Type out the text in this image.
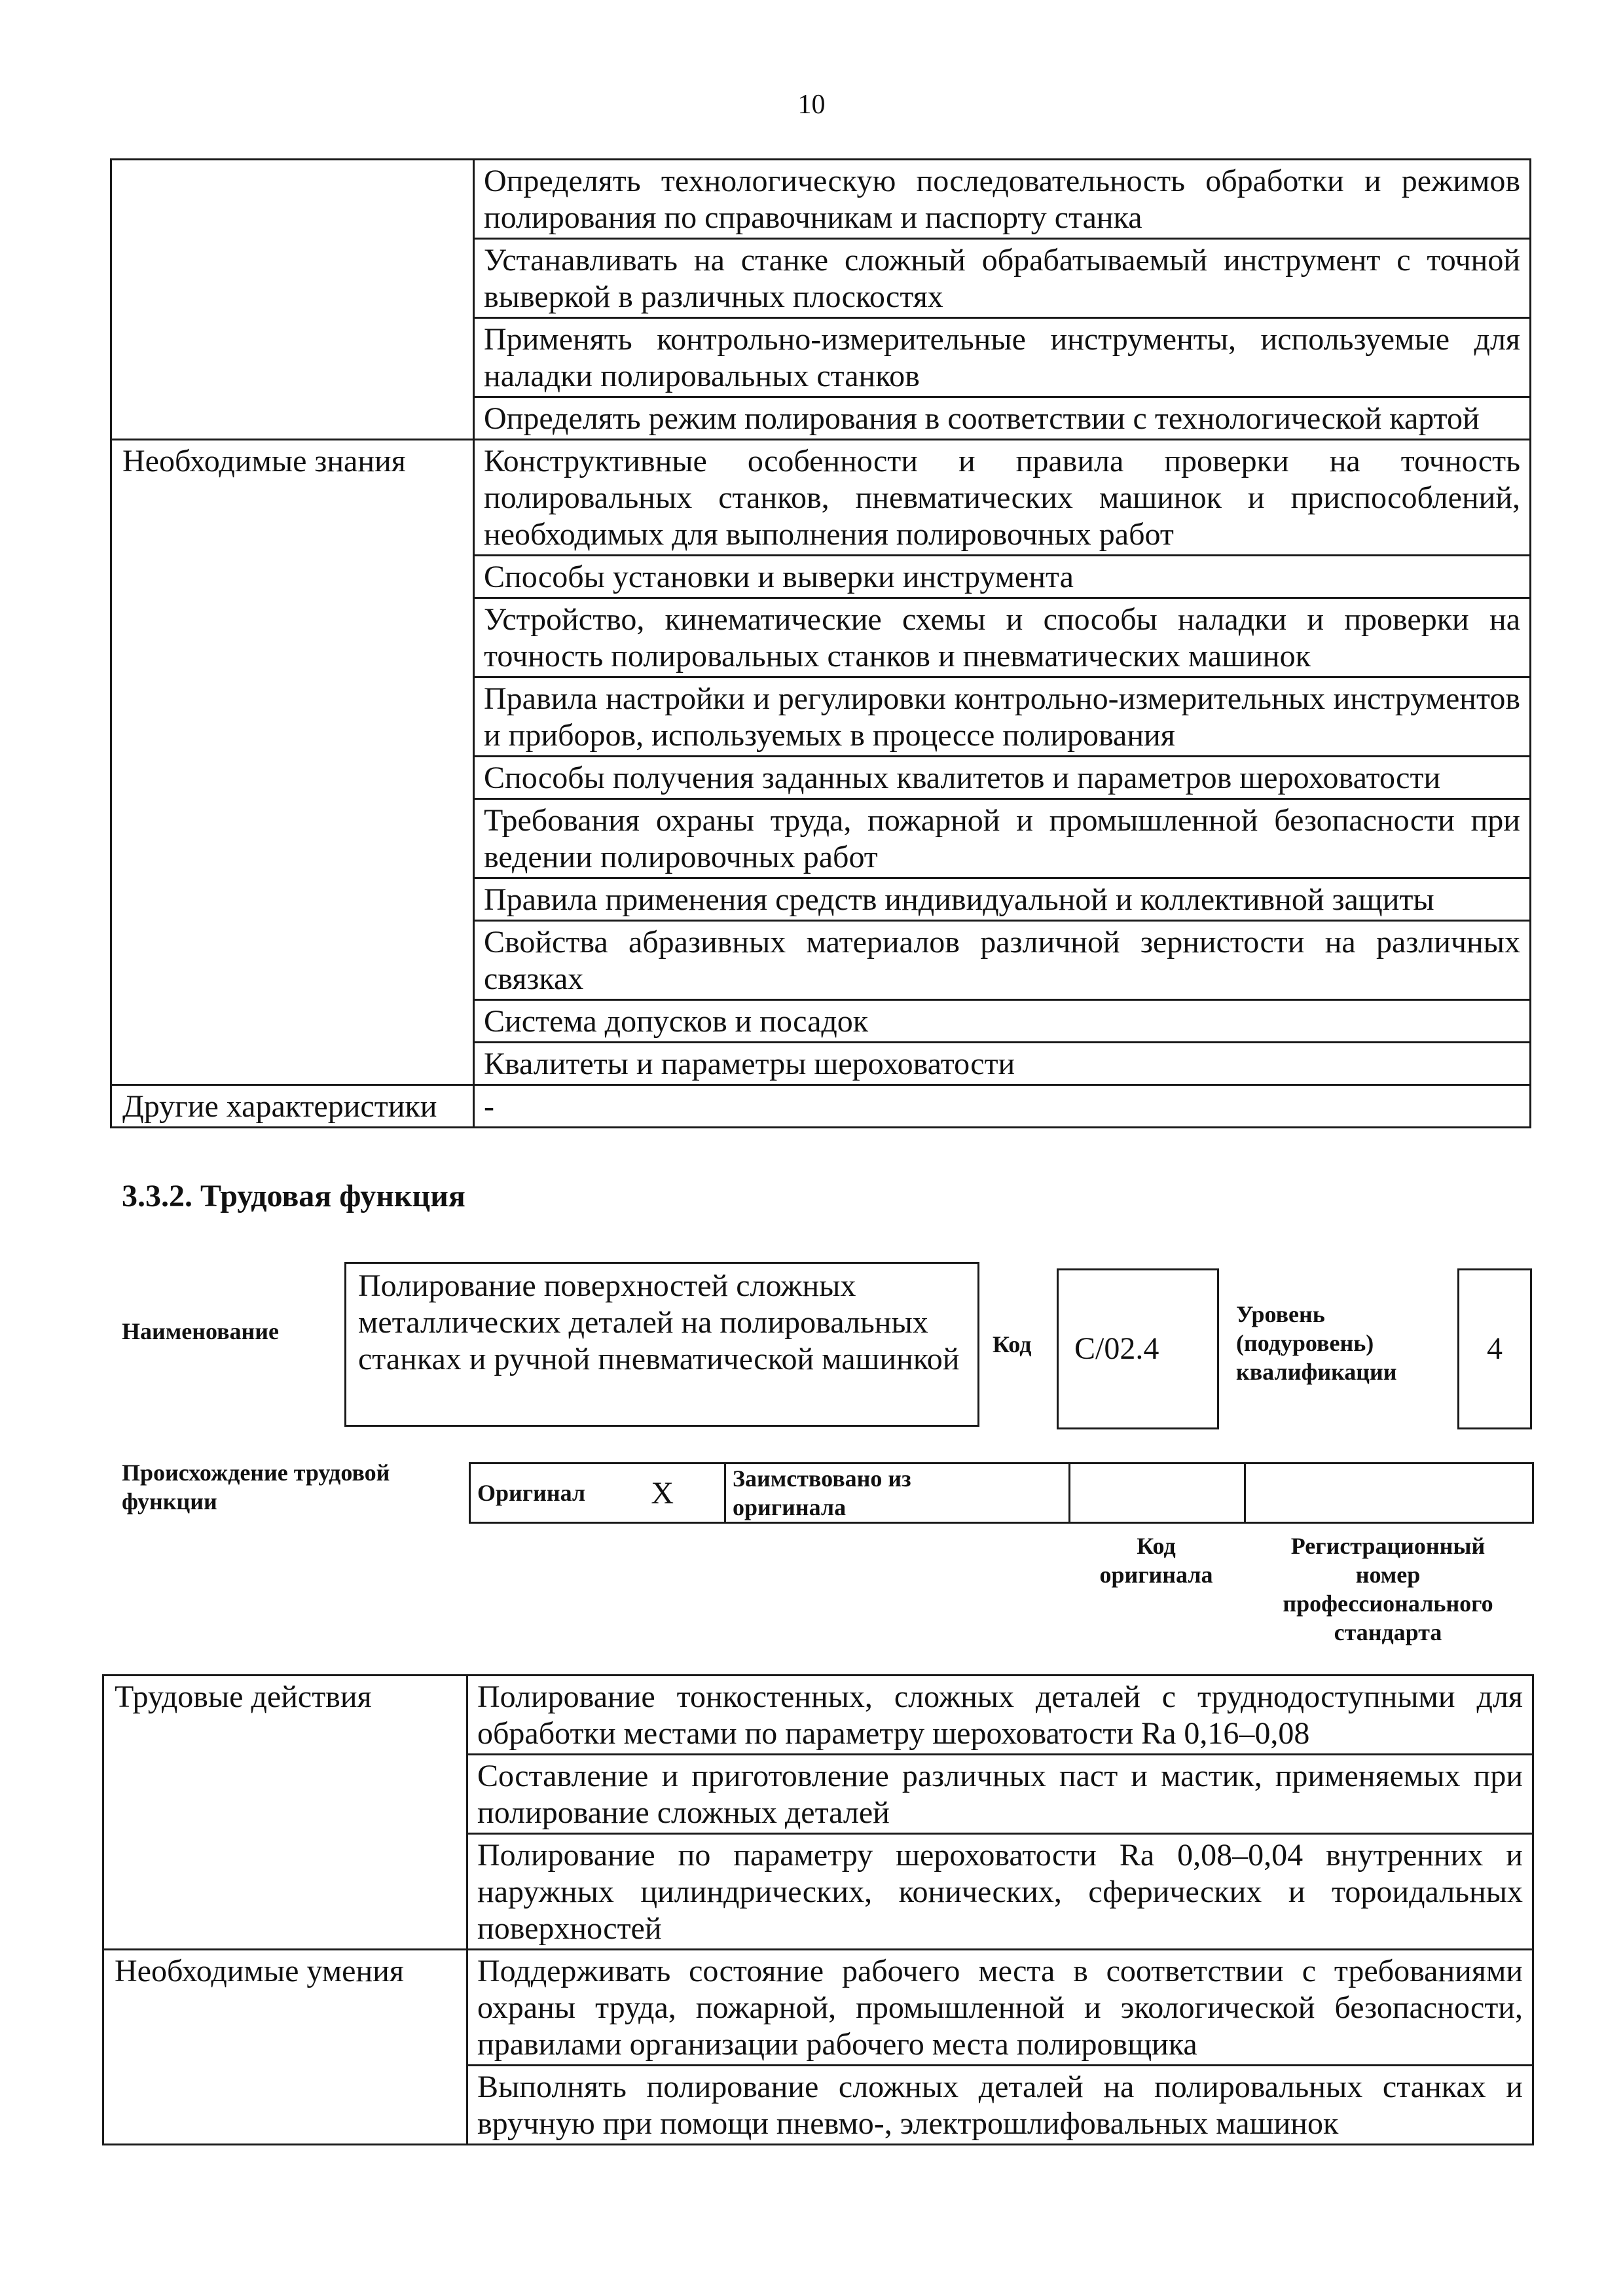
10
	Определять технологическую последовательность обработки и режимов полирования по справочникам и паспорту станка
	Устанавливать на станке сложный обрабатываемый инструмент с точной выверкой в различных плоскостях
	Применять контрольно-измерительные инструменты, используемые для наладки полировальных станков
	Определять режим полирования в соответствии с технологической картой
Необходимые знания	Конструктивные особенности и правила проверки на точность полировальных станков, пневматических машинок и приспособлений, необходимых для выполнения полировочных работ
	Способы установки и выверки инструмента
	Устройство, кинематические схемы и способы наладки и проверки на точность полировальных станков и пневматических машинок
	Правила настройки и регулировки контрольно-измерительных инструментов и приборов, используемых в процессе полирования
	Способы получения заданных квалитетов и параметров шероховатости
	Требования охраны труда, пожарной и промышленной безопасности при ведении полировочных работ
	Правила применения средств индивидуальной и коллективной защиты
	Свойства абразивных материалов различной зернистости на различных связках
	Система допусков и посадок
	Квалитеты и параметры шероховатости
Другие характеристики	-
3.3.2. Трудовая функция
Наименование
Полирование поверхностей сложных металлических деталей на полировальных станках и ручной пневматической машинкой	Код	С/02.4
Уровень
(подуровень)
квалификации
4
Происхождение трудовой
функции	Оригинал	X	Заимствовано из
оригинала

Код
оригинала
Регистрационный
номер
профессионального
стандарта
Трудовые действия	Полирование тонкостенных, сложных деталей с труднодоступными для обработки местами по параметру шероховатости Ra 0,16–0,08
	Составление и приготовление различных паст и мастик, применяемых при полирование сложных деталей
	Полирование по параметру шероховатости Ra 0,08–0,04 внутренних и наружных цилиндрических, конических, сферических и тороидальных поверхностей
Необходимые умения	Поддерживать состояние рабочего места в соответствии с требованиями охраны труда, пожарной, промышленной и экологической безопасности, правилами организации рабочего места полировщика
	Выполнять полирование сложных деталей на полировальных станках и вручную при помощи пневмо-, электрошлифовальных машинок
